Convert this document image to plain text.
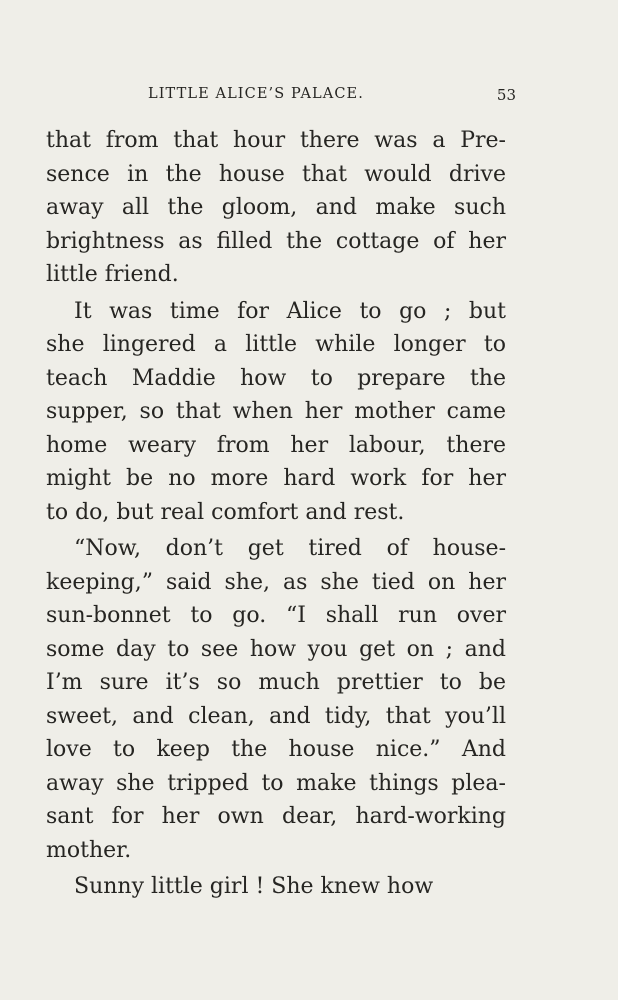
LITTLE ALICE’S PALACE.	53
that from that hour there was a Pre-
sence in the house that would drive
away all the gloom, and make such
brightness as filled the cottage of her
little friend.
It was time for Alice to go ; but
she lingered a little while longer to
teach Maddie how to prepare the
supper, so that when her mother came
home weary from her labour, there
might be no more hard work for her
to do, but real comfort and rest.
“Now, don’t get tired of house-
keeping,” said she, as she tied on her
sun-bonnet to go. “I shall run over
some day to see how you get on ; and
I’m sure it’s so much prettier to be
sweet, and clean, and tidy, that you’ll
love to keep the house nice.” And
away she tripped to make things plea-
sant for her own dear, hard-working
mother.
Sunny little girl ! She knew how
